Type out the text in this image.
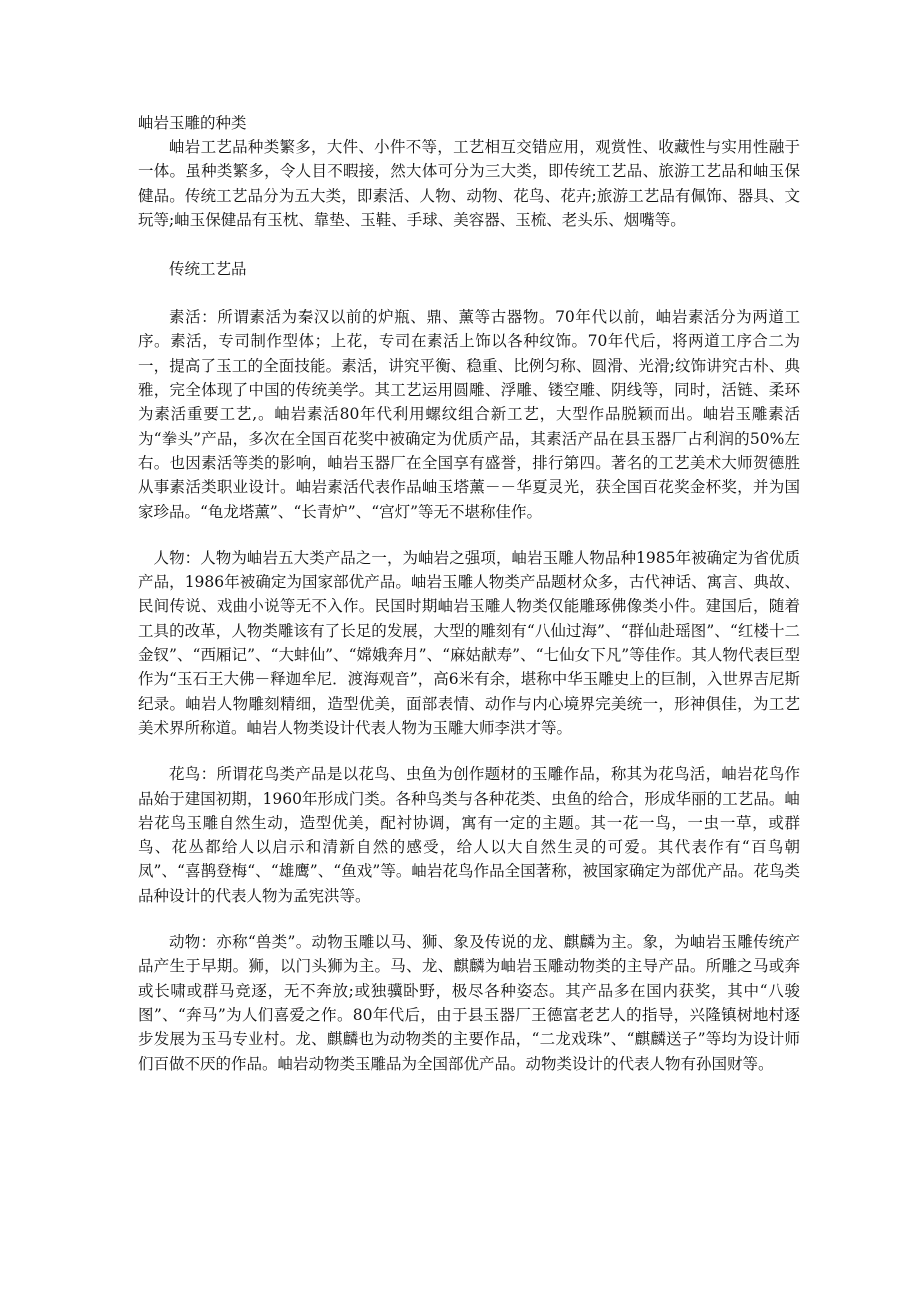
岫岩玉雕的种类

岫岩工艺品种类繁多，大件、小件不等，工艺相互交错应用，观赏性、收藏性与实用性融于一体。虽种类繁多，令人目不暇接，然大体可分为三大类，即传统工艺品、旅游工艺品和岫玉保健品。传统工艺品分为五大类，即素活、人物、动物、花鸟、花卉;旅游工艺品有佩饰、器具、文玩等;岫玉保健品有玉枕、靠垫、玉鞋、手球、美容器、玉梳、老头乐、烟嘴等。

传统工艺品

素活：所谓素活为秦汉以前的炉瓶、鼎、薰等古器物。70年代以前，岫岩素活分为两道工序。素活，专司制作型体；上花，专司在素活上饰以各种纹饰。70年代后，将两道工序合二为一，提高了玉工的全面技能。素活，讲究平衡、稳重、比例匀称、圆滑、光滑;纹饰讲究古朴、典雅，完全体现了中国的传统美学。其工艺运用圆雕、浮雕、镂空雕、阴线等，同时，活链、柔环为素活重要工艺,。岫岩素活80年代利用螺纹组合新工艺，大型作品脱颖而出。岫岩玉雕素活为“拳头”产品，多次在全国百花奖中被确定为优质产品，其素活产品在县玉器厂占利润的50%左右。也因素活等类的影响，岫岩玉器厂在全国享有盛誉，排行第四。著名的工艺美术大师贺德胜从事素活类职业设计。岫岩素活代表作品岫玉塔薰－－华夏灵光，获全国百花奖金杯奖，并为国家珍品。“龟龙塔薰”、“长青炉”、“宫灯”等无不堪称佳作。

人物：人物为岫岩五大类产品之一，为岫岩之强项，岫岩玉雕人物品种1985年被确定为省优质产品，1986年被确定为国家部优产品。岫岩玉雕人物类产品题材众多，古代神话、寓言、典故、民间传说、戏曲小说等无不入作。民国时期岫岩玉雕人物类仅能雕琢佛像类小件。建国后，随着工具的改革，人物类雕该有了长足的发展，大型的雕刻有“八仙过海”、“群仙赴瑶图”、“红楼十二金钗”、“西厢记”、“大蚌仙”、“嫦娥奔月”、“麻姑献寿”、“七仙女下凡”等佳作。其人物代表巨型作为“玉石王大佛－释迦牟尼．渡海观音”，高6米有余，堪称中华玉雕史上的巨制，入世界吉尼斯纪录。岫岩人物雕刻精细，造型优美，面部表情、动作与内心境界完美统一，形神俱佳，为工艺美术界所称道。岫岩人物类设计代表人物为玉雕大师李洪才等。

花鸟：所谓花鸟类产品是以花鸟、虫鱼为创作题材的玉雕作品，称其为花鸟活，岫岩花鸟作品始于建国初期，1960年形成门类。各种鸟类与各种花类、虫鱼的给合，形成华丽的工艺品。岫岩花鸟玉雕自然生动，造型优美，配衬协调，寓有一定的主题。其一花一鸟，一虫一草，或群鸟、花丛都给人以启示和清新自然的感受，给人以大自然生灵的可爱。其代表作有“百鸟朝凤”、“喜鹊登梅“、“雄鹰”、“鱼戏”等。岫岩花鸟作品全国著称，被国家确定为部优产品。花鸟类品种设计的代表人物为孟宪洪等。

动物：亦称“兽类”。动物玉雕以马、狮、象及传说的龙、麒麟为主。象，为岫岩玉雕传统产品产生于早期。狮，以门头狮为主。马、龙、麒麟为岫岩玉雕动物类的主导产品。所雕之马或奔或长啸或群马竞逐，无不奔放;或独骥卧野，极尽各种姿态。其产品多在国内获奖，其中“八骏图”、“奔马”为人们喜爱之作。80年代后，由于县玉器厂王德富老艺人的指导，兴隆镇树地村逐步发展为玉马专业村。龙、麒麟也为动物类的主要作品，“二龙戏珠”、“麒麟送子”等均为设计师们百做不厌的作品。岫岩动物类玉雕品为全国部优产品。动物类设计的代表人物有孙国财等。
